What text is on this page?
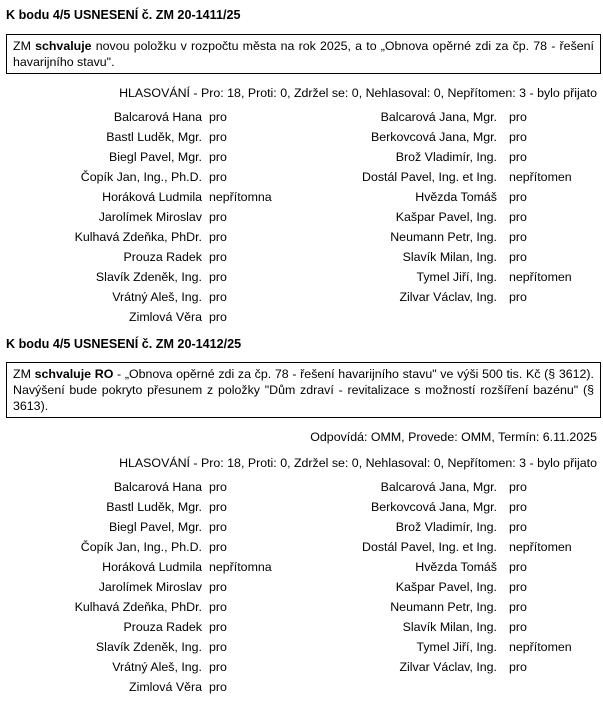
K bodu 4/5 USNESENÍ č. ZM 20-1411/25
ZM schvaluje novou položku v rozpočtu města na rok 2025, a to „Obnova opěrné zdi za čp. 78 - řešení havarijního stavu".
HLASOVÁNÍ - Pro: 18, Proti: 0, Zdržel se: 0, Nehlasoval: 0, Nepřítomen: 3 - bylo přijato
Balcarová Hana pro	Balcarová Jana, Mgr. pro
Bastl Luděk, Mgr. pro	Berkovcová Jana, Mgr. pro
Biegl Pavel, Mgr. pro	Brož Vladimír, Ing. pro
Čopík Jan, Ing., Ph.D. pro	Dostál Pavel, Ing. et Ing. nepřítomen
Horáková Ludmila nepřítomna	Hvězda Tomáš pro
Jarolímek Miroslav pro	Kašpar Pavel, Ing. pro
Kulhavá Zdeňka, PhDr. pro	Neumann Petr, Ing. pro
Prouza Radek pro	Slavík Milan, Ing. pro
Slavík Zdeněk, Ing. pro	Tymel Jiří, Ing. nepřítomen
Vrátný Aleš, Ing. pro	Zilvar Václav, Ing. pro
Zimlová Věra pro
K bodu 4/5 USNESENÍ č. ZM 20-1412/25
ZM schvaluje RO - „Obnova opěrné zdi za čp. 78 - řešení havarijního stavu" ve výši 500 tis. Kč (§ 3612). Navýšení bude pokryto přesunem z položky "Dům zdraví - revitalizace s možností rozšíření bazénu" (§ 3613).
Odpovídá: OMM, Provede: OMM, Termín: 6.11.2025
HLASOVÁNÍ - Pro: 18, Proti: 0, Zdržel se: 0, Nehlasoval: 0, Nepřítomen: 3 - bylo přijato
Balcarová Hana pro	Balcarová Jana, Mgr. pro
Bastl Luděk, Mgr. pro	Berkovcová Jana, Mgr. pro
Biegl Pavel, Mgr. pro	Brož Vladimír, Ing. pro
Čopík Jan, Ing., Ph.D. pro	Dostál Pavel, Ing. et Ing. nepřítomen
Horáková Ludmila nepřítomna	Hvězda Tomáš pro
Jarolímek Miroslav pro	Kašpar Pavel, Ing. pro
Kulhavá Zdeňka, PhDr. pro	Neumann Petr, Ing. pro
Prouza Radek pro	Slavík Milan, Ing. pro
Slavík Zdeněk, Ing. pro	Tymel Jiří, Ing. nepřítomen
Vrátný Aleš, Ing. pro	Zilvar Václav, Ing. pro
Zimlová Věra pro
